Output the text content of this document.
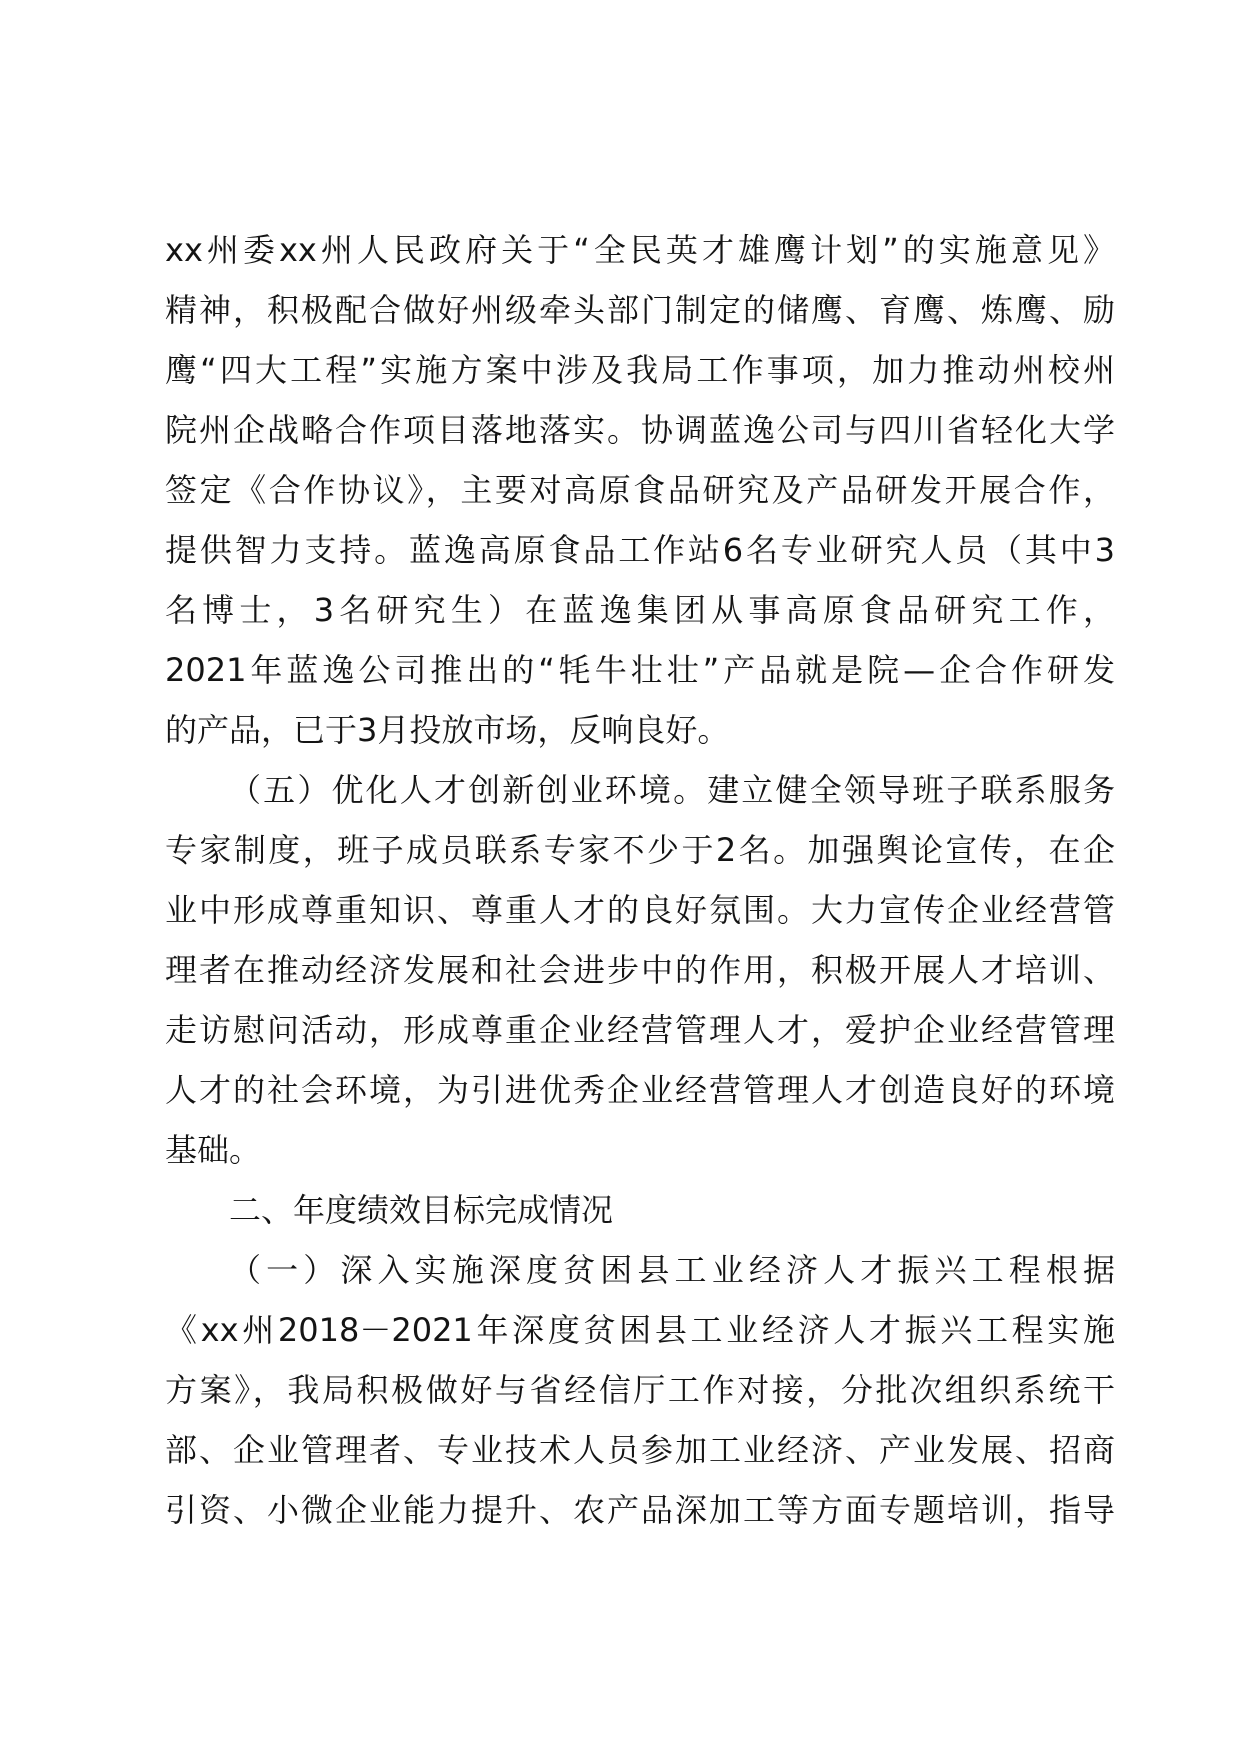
xx州委xx州人民政府关于“全民英才雄鹰计划”的实施意见》
精神，积极配合做好州级牵头部门制定的储鹰、育鹰、炼鹰、励
鹰“四大工程”实施方案中涉及我局工作事项，加力推动州校州
院州企战略合作项目落地落实。协调蓝逸公司与四川省轻化大学
签定《合作协议》，主要对高原食品研究及产品研发开展合作，
提供智力支持。蓝逸高原食品工作站6名专业研究人员（其中3
名博士，3名研究生）在蓝逸集团从事高原食品研究工作，
2021年蓝逸公司推出的“牦牛壮壮”产品就是院—企合作研发
的产品，已于3月投放市场，反响良好。
（五）优化人才创新创业环境。建立健全领导班子联系服务
专家制度，班子成员联系专家不少于2名。加强舆论宣传，在企
业中形成尊重知识、尊重人才的良好氛围。大力宣传企业经营管
理者在推动经济发展和社会进步中的作用，积极开展人才培训、
走访慰问活动，形成尊重企业经营管理人才，爱护企业经营管理
人才的社会环境，为引进优秀企业经营管理人才创造良好的环境
基础。
二、年度绩效目标完成情况
（一）深入实施深度贫困县工业经济人才振兴工程根据
《xx州2018－2021年深度贫困县工业经济人才振兴工程实施
方案》，我局积极做好与省经信厅工作对接，分批次组织系统干
部、企业管理者、专业技术人员参加工业经济、产业发展、招商
引资、小微企业能力提升、农产品深加工等方面专题培训，指导
